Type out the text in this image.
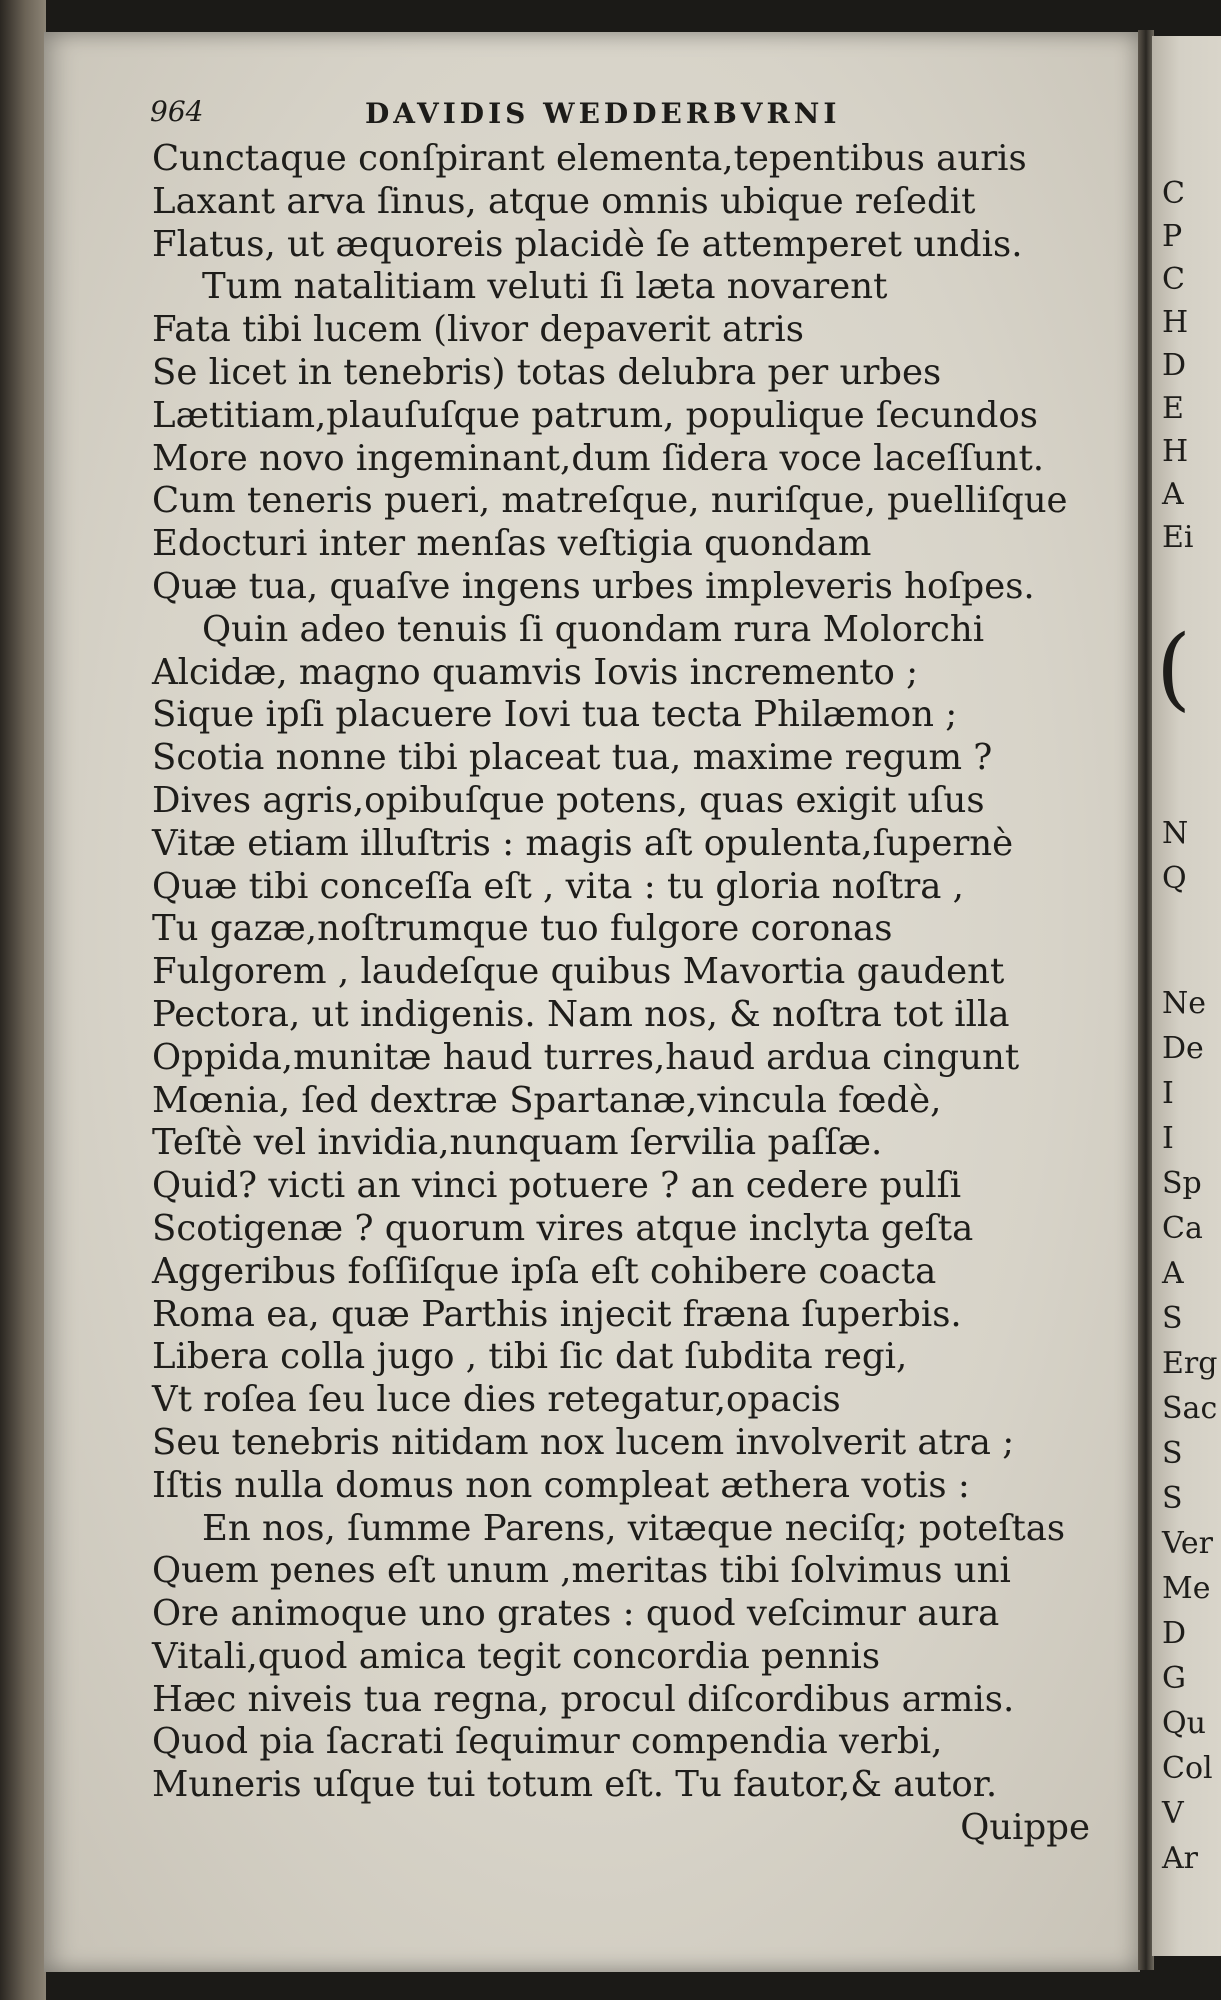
964	DAVIDIS WEDDERBVRNI
Cunctaque conſpirant elementa,tepentibus auris
Laxant arva ſinus, atque omnis ubique reſedit
Flatus, ut æquoreis placidè ſe attemperet undis.
Tum natalitiam veluti ſi læta novarent
Fata tibi lucem (livor depaverit atris
Se licet in tenebris) totas delubra per urbes
Lætitiam,plauſuſque patrum, populique ſecundos
More novo ingeminant,dum ſidera voce laceſſunt.
Cum teneris pueri, matreſque, nuriſque, puelliſque
Edocturi inter menſas veſtigia quondam
Quæ tua, quaſve ingens urbes impleveris hoſpes.
Quin adeo tenuis ſi quondam rura Molorchi
Alcidæ, magno quamvis Iovis incremento ;
Sique ipſi placuere Iovi tua tecta Philæmon ;
Scotia nonne tibi placeat tua, maxime regum ?
Dives agris,opibuſque potens, quas exigit uſus
Vitæ etiam illuſtris : magis aſt opulenta,ſupernè
Quæ tibi conceſſa eſt , vita : tu gloria noſtra ,
Tu gazæ,noſtrumque tuo fulgore coronas
Fulgorem , laudeſque quibus Mavortia gaudent
Pectora, ut indigenis. Nam nos, & noſtra tot illa
Oppida,munitæ haud turres,haud ardua cingunt
Mœnia, ſed dextræ Spartanæ,vincula fœdè,
Teſtè vel invidia,nunquam ſervilia paſſæ.
Quid? victi an vinci potuere ? an cedere pulſi
Scotigenæ ? quorum vires atque inclyta geſta
Aggeribus foſſiſque ipſa eſt cohibere coacta
Roma ea, quæ Parthis injecit fræna ſuperbis.
Libera colla jugo , tibi ſic dat ſubdita regi,
Vt roſea ſeu luce dies retegatur,opacis
Seu tenebris nitidam nox lucem involverit atra ;
Iſtis nulla domus non compleat æthera votis :
En nos, ſumme Parens, vitæque neciſq; poteſtas
Quem penes eſt unum ,meritas tibi ſolvimus uni
Ore animoque uno grates : quod veſcimur aura
Vitali,quod amica tegit concordia pennis
Hæc niveis tua regna, procul diſcordibus armis.
Quod pia ſacrati ſequimur compendia verbi,
Muneris uſque tui totum eſt. Tu fautor,& autor.
Quippe
C
P
C
H
D
E
H
A
Ei
(
N
Q
Ne
De
I
I
Sp
Ca
A
S
Erg
Sac
S
S
Ver
Me
D
G
Qu
Col
V
Ar
